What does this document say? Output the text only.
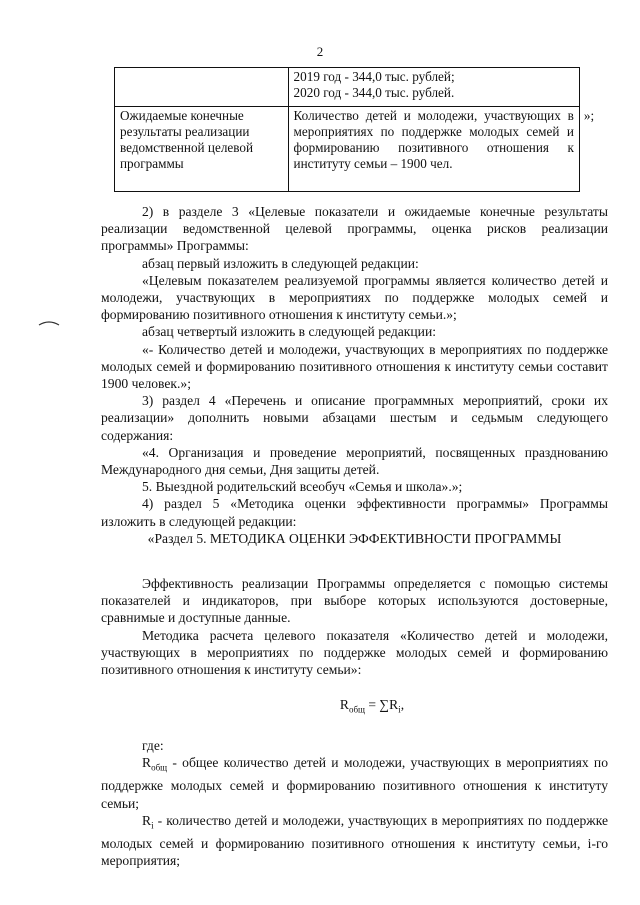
2

	2019 год - 344,0 тыс. рублей;
2020 год - 344,0 тыс. рублей.	

Ожидаемые конечные результаты реализации ведомственной целевой программы	Количество детей и молодежи, участвующих в мероприятиях по поддержке молодых семей и формированию позитивного отношения к институту семьи – 1900 чел.	»;

2) в разделе 3 «Целевые показатели и ожидаемые конечные результаты реализации ведомственной целевой программы, оценка рисков реализации программы» Программы:

абзац первый изложить в следующей редакции:

«Целевым показателем реализуемой программы является количество детей и молодежи, участвующих в мероприятиях по поддержке молодых семей и формированию позитивного отношения к институту семьи.»;

абзац четвертый изложить в следующей редакции:

«- Количество детей и молодежи, участвующих в мероприятиях по поддержке молодых семей и формированию позитивного отношения к институту семьи составит 1900 человек.»;

3) раздел 4 «Перечень и описание программных мероприятий, сроки их реализации» дополнить новыми абзацами шестым и седьмым следующего содержания:

«4. Организация и проведение мероприятий, посвященных празднованию Международного дня семьи, Дня защиты детей.

5. Выездной родительский всеобуч «Семья и школа».»;

4) раздел 5 «Методика оценки эффективности программы» Программы изложить в следующей редакции:

«Раздел 5. МЕТОДИКА ОЦЕНКИ ЭФФЕКТИВНОСТИ ПРОГРАММЫ

Эффективность реализации Программы определяется с помощью системы показателей и индикаторов, при выборе которых используются достоверные, сравнимые и доступные данные.

Методика расчета целевого показателя «Количество детей и молодежи, участвующих в мероприятиях по поддержке молодых семей и формированию позитивного отношения к институту семьи»:

$R_{общ} = \sum R_i$,

где:

$R_{общ}$ - общее количество детей и молодежи, участвующих в мероприятиях по поддержке молодых семей и формированию позитивного отношения к институту семьи;

$R_i$ - количество детей и молодежи, участвующих в мероприятиях по поддержке молодых семей и формированию позитивного отношения к институту семьи, i-го мероприятия;
